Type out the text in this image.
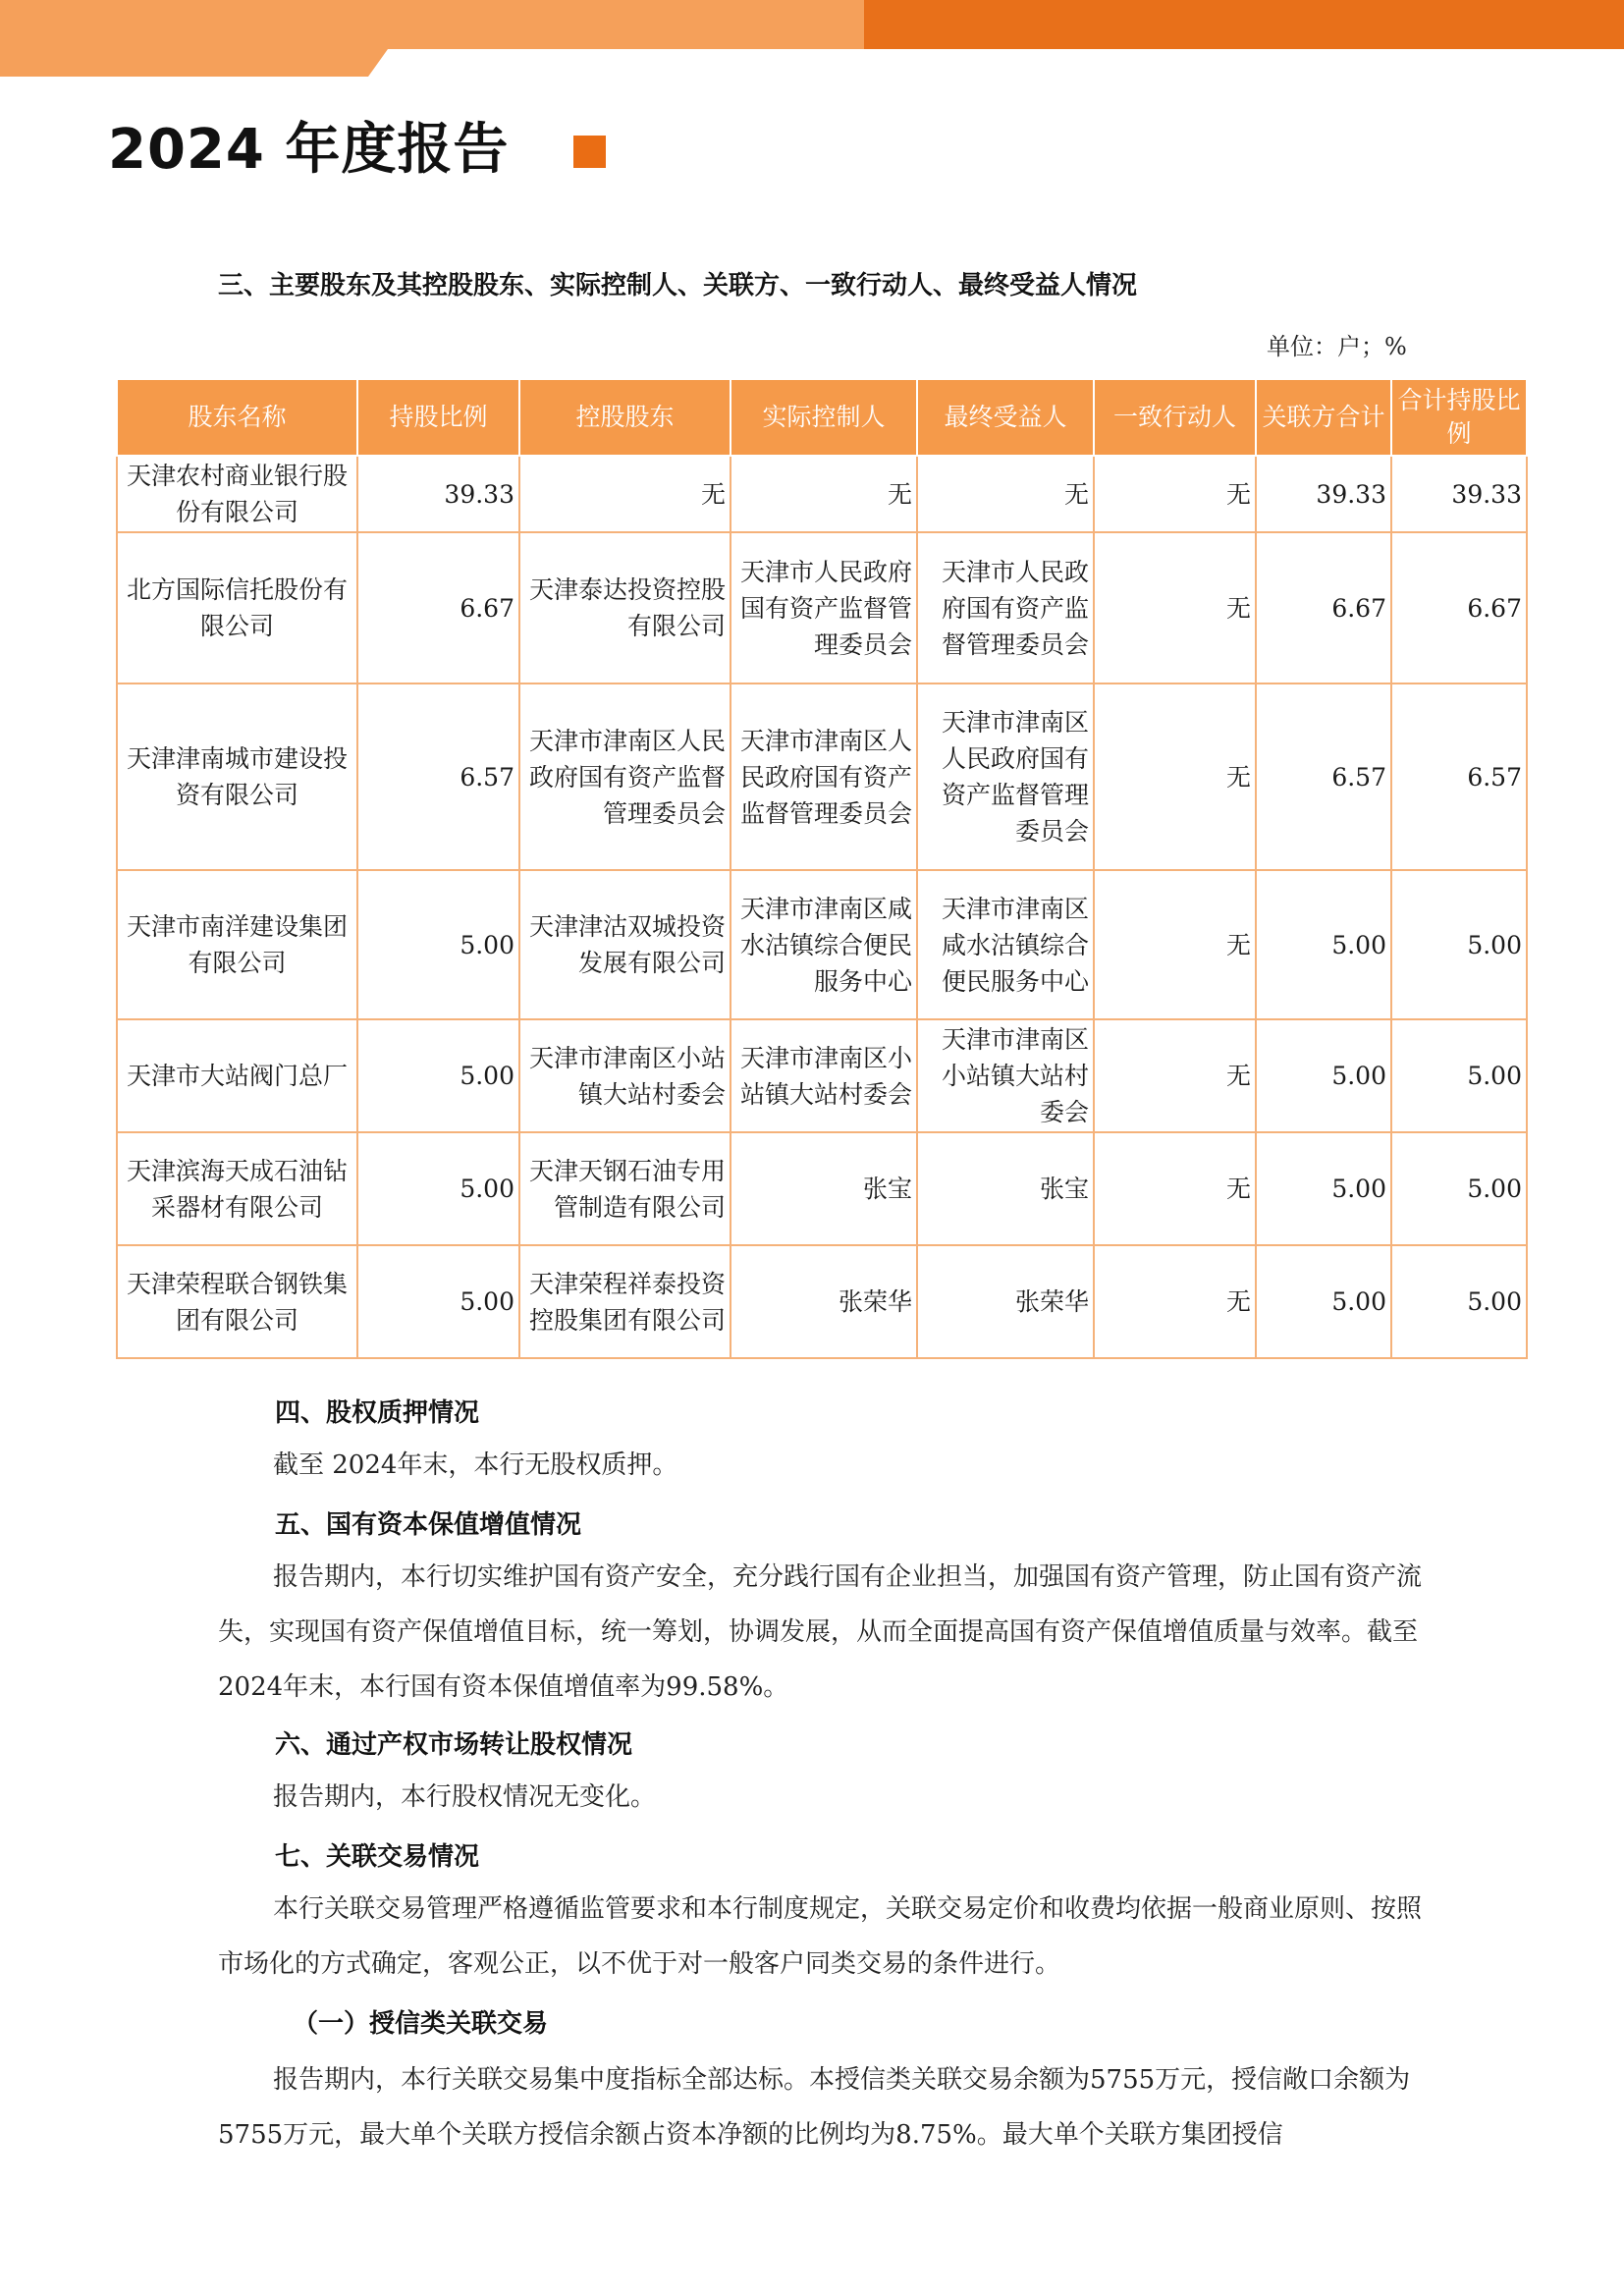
2024 年度报告
三、主要股东及其控股股东、实际控制人、关联方、一致行动人、最终受益人情况
单位：户；%
股东名称	持股比例	控股股东	实际控制人	最终受益人	一致行动人	关联方合计	合计持股比例
天津农村商业银行股份有限公司	39.33	无	无	无	无	39.33	39.33
北方国际信托股份有限公司	6.67	天津泰达投资控股有限公司	天津市人民政府国有资产监督管理委员会	天津市人民政府国有资产监督管理委员会	无	6.67	6.67
天津津南城市建设投资有限公司	6.57	天津市津南区人民政府国有资产监督管理委员会	天津市津南区人民政府国有资产监督管理委员会	天津市津南区人民政府国有资产监督管理委员会	无	6.57	6.57
天津市南洋建设集团有限公司	5.00	天津津沽双城投资发展有限公司	天津市津南区咸水沽镇综合便民服务中心	天津市津南区咸水沽镇综合便民服务中心	无	5.00	5.00
天津市大站阀门总厂	5.00	天津市津南区小站镇大站村委会	天津市津南区小站镇大站村委会	天津市津南区小站镇大站村委会	无	5.00	5.00
天津滨海天成石油钻采器材有限公司	5.00	天津天钢石油专用管制造有限公司	张宝	张宝	无	5.00	5.00
天津荣程联合钢铁集团有限公司	5.00	天津荣程祥泰投资控股集团有限公司	张荣华	张荣华	无	5.00	5.00
四、股权质押情况

截至 2024年末，本行无股权质押。

五、国有资本保值增值情况

报告期内，本行切实维护国有资产安全，充分践行国有企业担当，加强国有资产管理，防止国有资产流失，实现国有资产保值增值目标，统一筹划，协调发展，从而全面提高国有资产保值增值质量与效率。截至2024年末，本行国有资本保值增值率为99.58%。

六、通过产权市场转让股权情况

报告期内，本行股权情况无变化。

七、关联交易情况

本行关联交易管理严格遵循监管要求和本行制度规定，关联交易定价和收费均依据一般商业原则、按照市场化的方式确定，客观公正，以不优于对一般客户同类交易的条件进行。

（一）授信类关联交易

报告期内，本行关联交易集中度指标全部达标。本授信类关联交易余额为5755万元，授信敞口余额为5755万元，最大单个关联方授信余额占资本净额的比例均为8.75%。最大单个关联方集团授信
